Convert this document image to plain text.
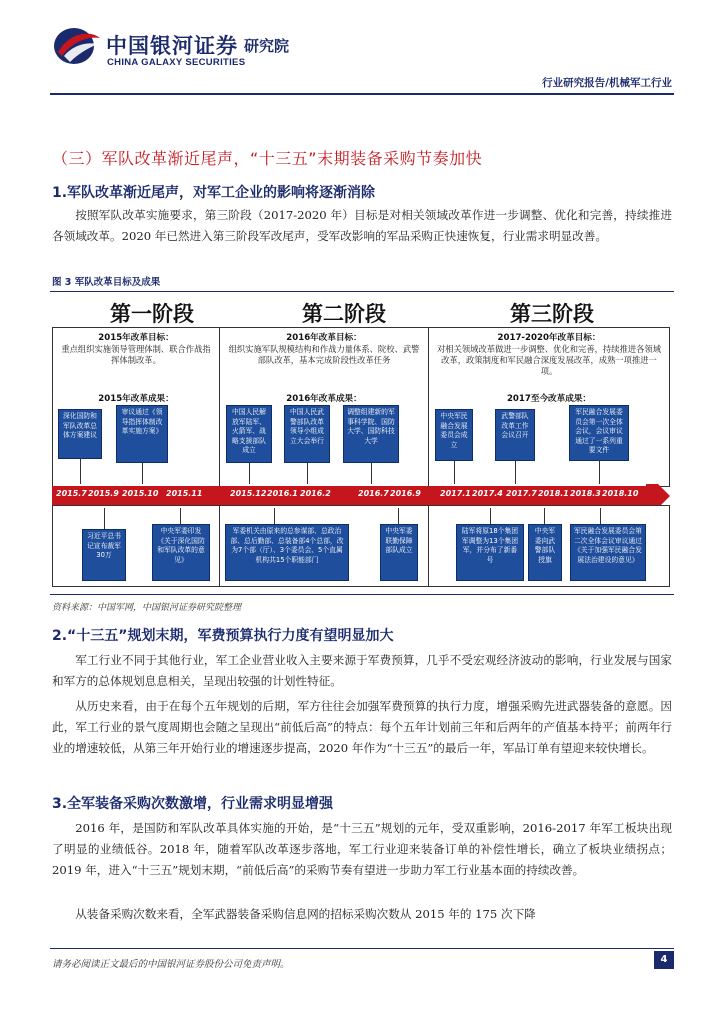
中国银河证券
CHINA GALAXY SECURITIES
研究院
行业研究报告/机械军工行业
（三）军队改革渐近尾声，“十三五”末期装备采购节奏加快
1.军队改革渐近尾声，对军工企业的影响将逐渐消除
按照军队改革实施要求，第三阶段（2017-2020 年）目标是对相关领域改革作进一步调整、优化和完善，持续推进各领域改革。2020 年已然进入第三阶段军改尾声，受军改影响的军品采购正快速恢复，行业需求明显改善。
图 3 军队改革目标及成果
第一阶段	第二阶段	第三阶段
2015年改革目标：
重点组织实施领导管理体制、联合作战指挥体制改革。
2015年改革成果：
2016年改革目标：
组织实施军队规模结构和作战力量体系、院校、武警部队改革，基本完成阶段性改革任务
2016年改革成果：
2017-2020年改革目标：
对相关领域改革做进一步调整、优化和完善，持续推进各领域改革，政策制度和军民融合深度发展改革，成熟一项推进一项。
2017至今改革成果：
深化国防和军队改革总体方案建议
审议通过《领导指挥体制改革实施方案》
中国人民解放军陆军、火箭军、战略支援部队成立
中国人民武警部队改革领导小组成立大会举行
调整组建新的军事科学院、国防大学、国防科技大学
中央军民融合发展委员会成立
武警部队改革工作会议召开
军民融合发展委员会第一次全体会议，会议审议通过了一系列重要文件
2015.7 2015.9 2015.10 2015.11	2015.12 2016.1 2016.2	2016.7 2016.9 2017.1 2017.4 2017.7 2018.1 2018.3 2018.10
习近平总书记宣布裁军30万
中央军委印发《关于深化国防和军队改革的意见》
军委机关由原来的总参谋部、总政治部、总后勤部、总装备部4个总部，改为7个部（厅）、3个委员会、5个直属机构共15个职能部门
中央军委联勤保障部队成立
陆军将原18个集团军调整为13个集团军，并分布了新番号
中央军委向武警部队授旗
军民融合发展委员会第二次全体会议审议通过《关于加强军民融合发展法治建设的意见》
资料来源：中国军网，中国银河证券研究院整理
2.“十三五”规划末期，军费预算执行力度有望明显加大
军工行业不同于其他行业，军工企业营业收入主要来源于军费预算，几乎不受宏观经济波动的影响，行业发展与国家和军方的总体规划息息相关，呈现出较强的计划性特征。
从历史来看，由于在每个五年规划的后期，军方往往会加强军费预算的执行力度，增强采购先进武器装备的意愿。因此，军工行业的景气度周期也会随之呈现出“前低后高”的特点：每个五年计划前三年和后两年的产值基本持平；前两年行业的增速较低，从第三年开始行业的增速逐步提高，2020 年作为“十三五”的最后一年，军品订单有望迎来较快增长。
3.全军装备采购次数激增，行业需求明显增强
2016 年，是国防和军队改革具体实施的开始，是“十三五”规划的元年，受双重影响，2016-2017 年军工板块出现了明显的业绩低谷。2018 年，随着军队改革逐步落地，军工行业迎来装备订单的补偿性增长，确立了板块业绩拐点；2019 年，进入“十三五”规划末期，“前低后高”的采购节奏有望进一步助力军工行业基本面的持续改善。
从装备采购次数来看，全军武器装备采购信息网的招标采购次数从 2015 年的 175 次下降
请务必阅读正文最后的中国银河证券股份公司免责声明。	4
